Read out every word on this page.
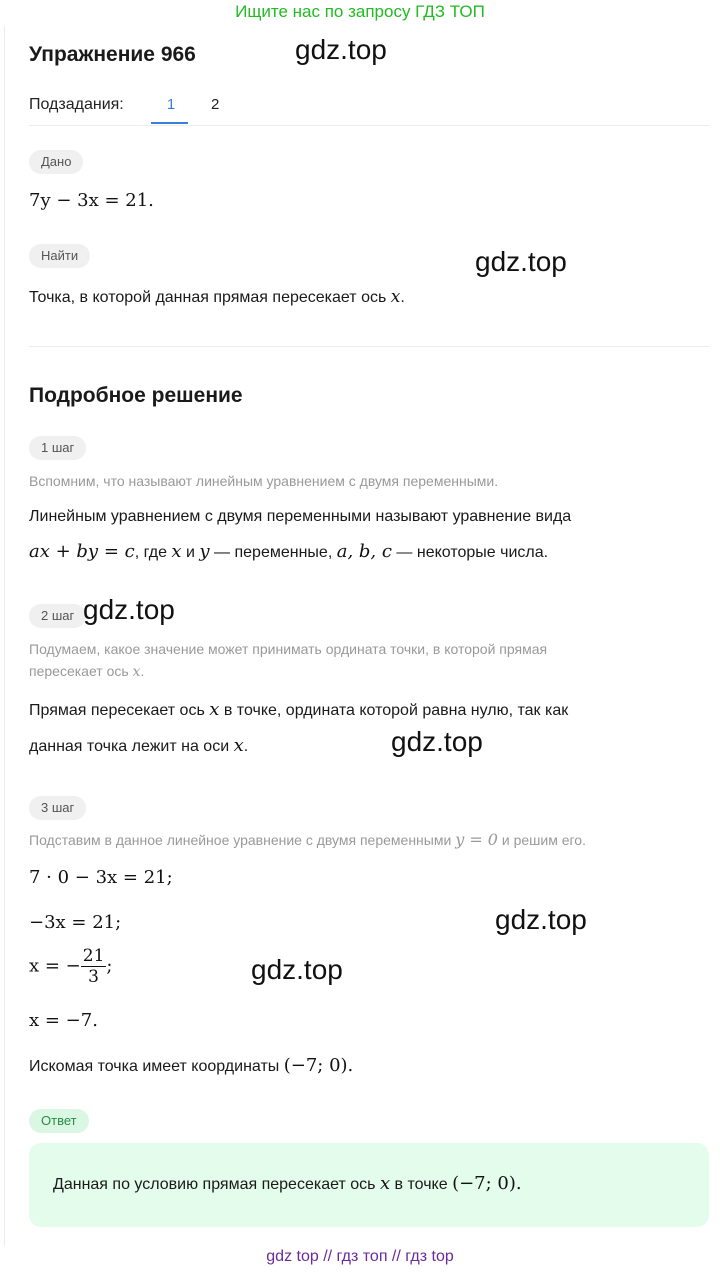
Ищите нас по запросу ГДЗ ТОП
Упражнение 966	gdz.top
Подзадания:	1	2
Дано
7y − 3x = 21.
Найти	gdz.top
Точка, в которой данная прямая пересекает ось x.
Подробное решение
1 шаг
Вспомним, что называют линейным уравнением с двумя переменными.
Линейным уравнением с двумя переменными называют уравнение вида
ax + by = c, где x и y — переменные, a, b, c — некоторые числа.
2 шаг gdz.top
Подумаем, какое значение может принимать ордината точки, в которой прямая
пересекает ось x.
Прямая пересекает ось x в точке, ордината которой равна нулю, так как
данная точка лежит на оси x.	gdz.top
3 шаг
Подставим в данное линейное уравнение с двумя переменными y = 0 и решим его.
7 · 0 − 3x = 21;
−3x = 21;	gdz.top
x = − $\frac{21}{3}$ ;	gdz.top
x = −7.
Искомая точка имеет координаты (−7; 0).
Ответ
Данная по условию прямая пересекает ось x в точке (−7; 0).
gdz top // гдз топ // гдз top
